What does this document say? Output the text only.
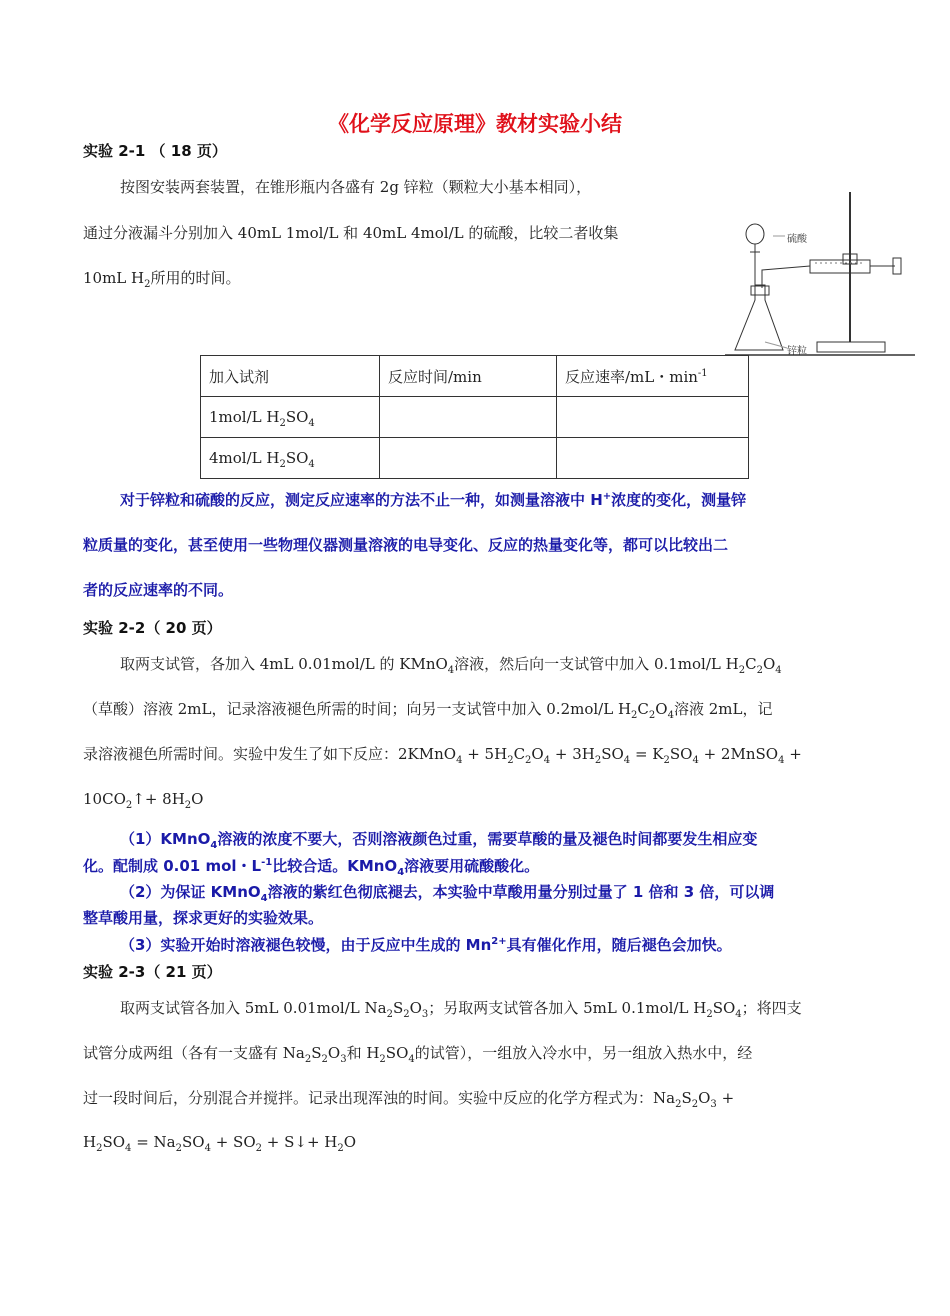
《化学反应原理》教材实验小结
实验 2-1 （ 18 页）
按图安装两套装置，在锥形瓶内各盛有 2g 锌粒（颗粒大小基本相同），
通过分液漏斗分别加入 40mL 1mol/L 和 40mL 4mol/L 的硫酸，比较二者收集
10mL $H_2$所用的时间。
硫酸
锌粒
加入试剂	反应时间/min	反应速率/mL・$\min^{-1}$
1mol/L $H_2SO_4$		
4mol/L $H_2SO_4$		
对于锌粒和硫酸的反应，测定反应速率的方法不止一种，如测量溶液中 H+浓度的变化，测量锌
粒质量的变化，甚至使用一些物理仪器测量溶液的电导变化、反应的热量变化等，都可以比较出二
者的反应速率的不同。
实验 2-2（ 20 页）
取两支试管，各加入 4mL 0.01mol/L 的 KMnO$_4$溶液，然后向一支试管中加入 0.1mol/L $H_2C_2O_4$
（草酸）溶液 2mL，记录溶液褪色所需的时间；向另一支试管中加入 0.2mol/L $H_2C_2O_4$溶液 2mL，记
录溶液褪色所需时间。实验中发生了如下反应：2KMnO$_4$ + $5H_2C_2O_4 + 3H_2SO_4 = K_2SO_4$ + 2MnSO$_4$ +
$10CO_2↑+ 8H_2O$
（1）KMnO$_4$溶液的浓度不要大，否则溶液颜色过重，需要草酸的量及褪色时间都要发生相应变
化。配制成 0.01 mol・$L^{-1}$比较合适。KMnO$_4$溶液要用硫酸酸化。
（2）为保证 KMnO$_4$溶液的紫红色彻底褪去，本实验中草酸用量分别过量了 1 倍和 3 倍，可以调
整草酸用量，探求更好的实验效果。
（3）实验开始时溶液褪色较慢，由于反应中生成的 $Mn^{2+}$具有催化作用，随后褪色会加快。
实验 2-3（ 21 页）
取两支试管各加入 5mL 0.01mol/L $Na_2S_2O_3$；另取两支试管各加入 5mL 0.1mol/L $H_2SO_4$；将四支
试管分成两组（各有一支盛有 $Na_2S_2O_3$和 $H_2SO_4$的试管），一组放入冷水中，另一组放入热水中，经
过一段时间后，分别混合并搅拌。记录出现浑浊的时间。实验中反应的化学方程式为：$Na_2S_2O_3$ +
$H_2SO_4 = Na_2SO_4 + SO_2$ + S↓+ $H_2O$
